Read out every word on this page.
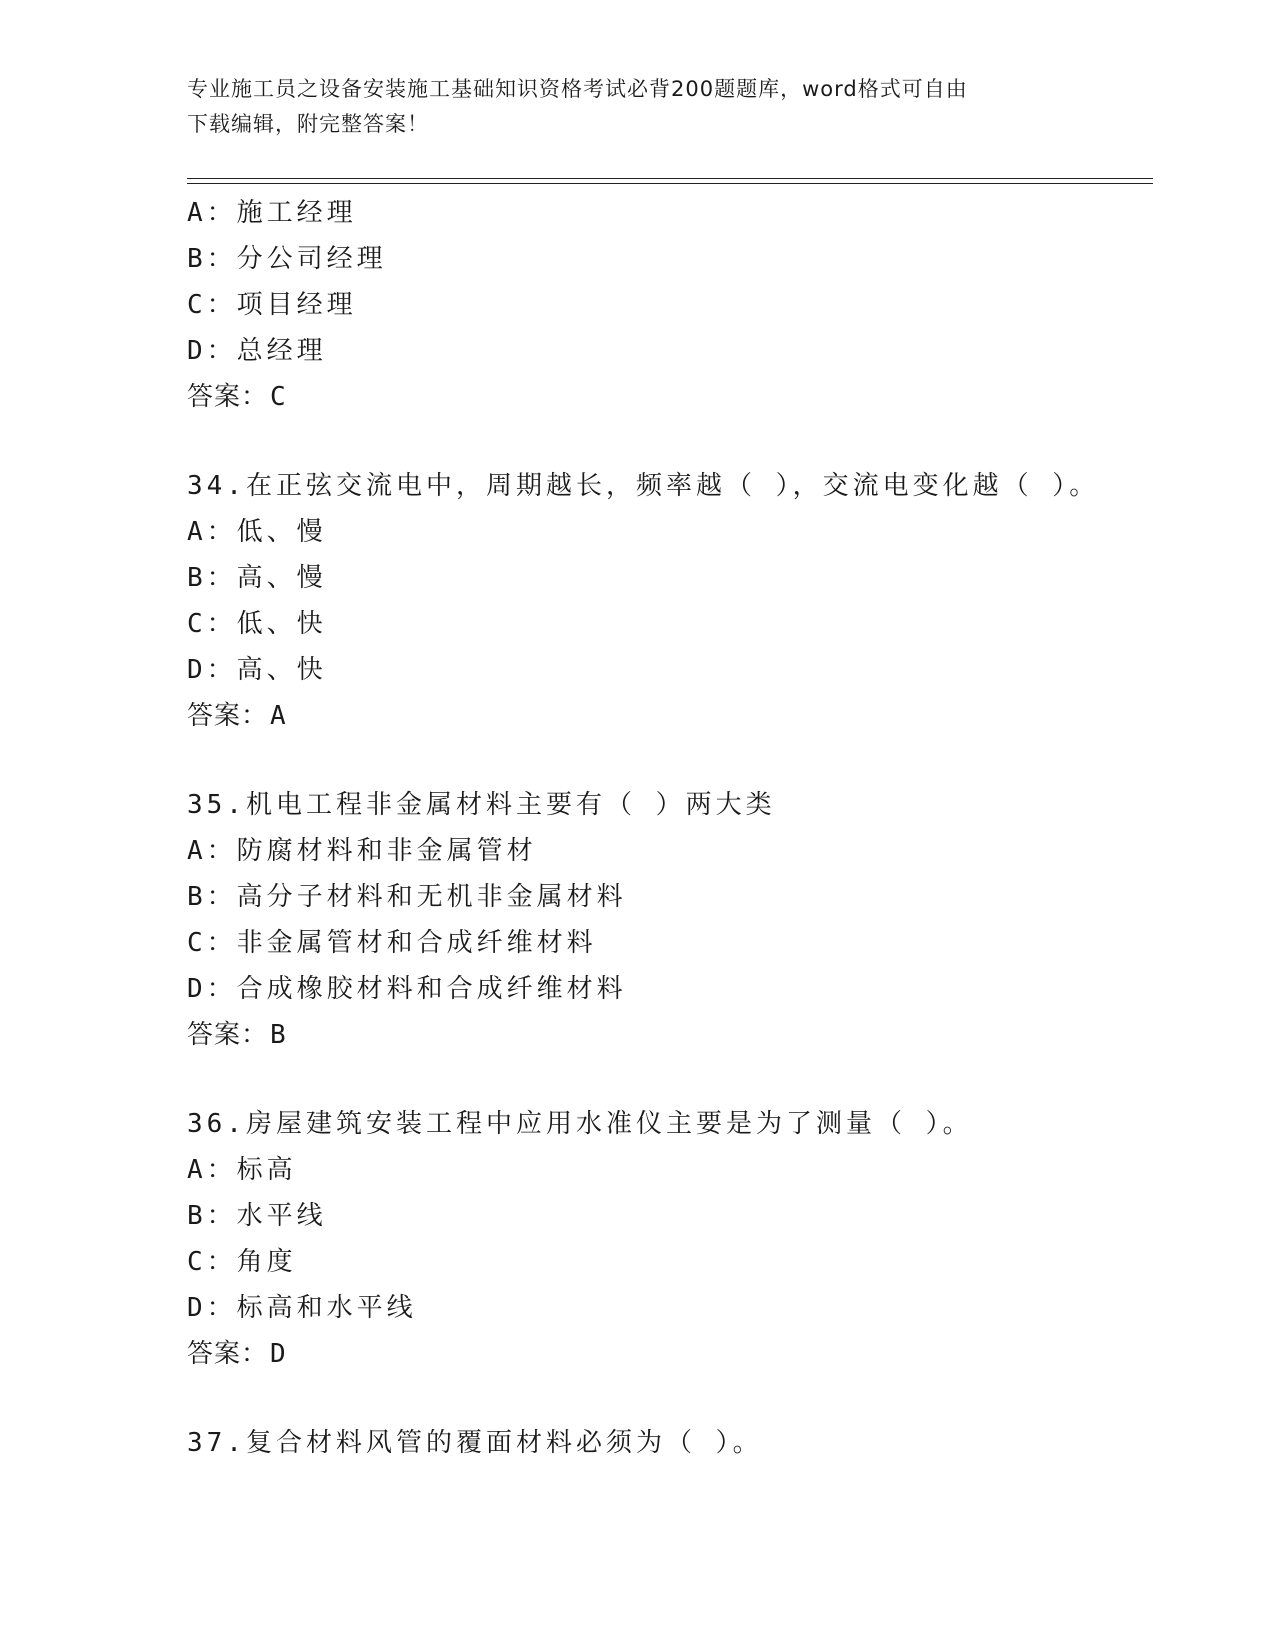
专业施工员之设备安装施工基础知识资格考试必背200题题库，word格式可自由
下载编辑，附完整答案！
A：施工经理
B：分公司经理
C：项目经理
D：总经理
答案：C
34.在正弦交流电中，周期越长，频率越（ ），交流电变化越（ ）。
A：低、慢
B：高、慢
C：低、快
D：高、快
答案：A
35.机电工程非金属材料主要有（ ）两大类
A：防腐材料和非金属管材
B：高分子材料和无机非金属材料
C：非金属管材和合成纤维材料
D：合成橡胶材料和合成纤维材料
答案：B
36.房屋建筑安装工程中应用水准仪主要是为了测量（ ）。
A：标高
B：水平线
C：角度
D：标高和水平线
答案：D
37.复合材料风管的覆面材料必须为（ ）。
